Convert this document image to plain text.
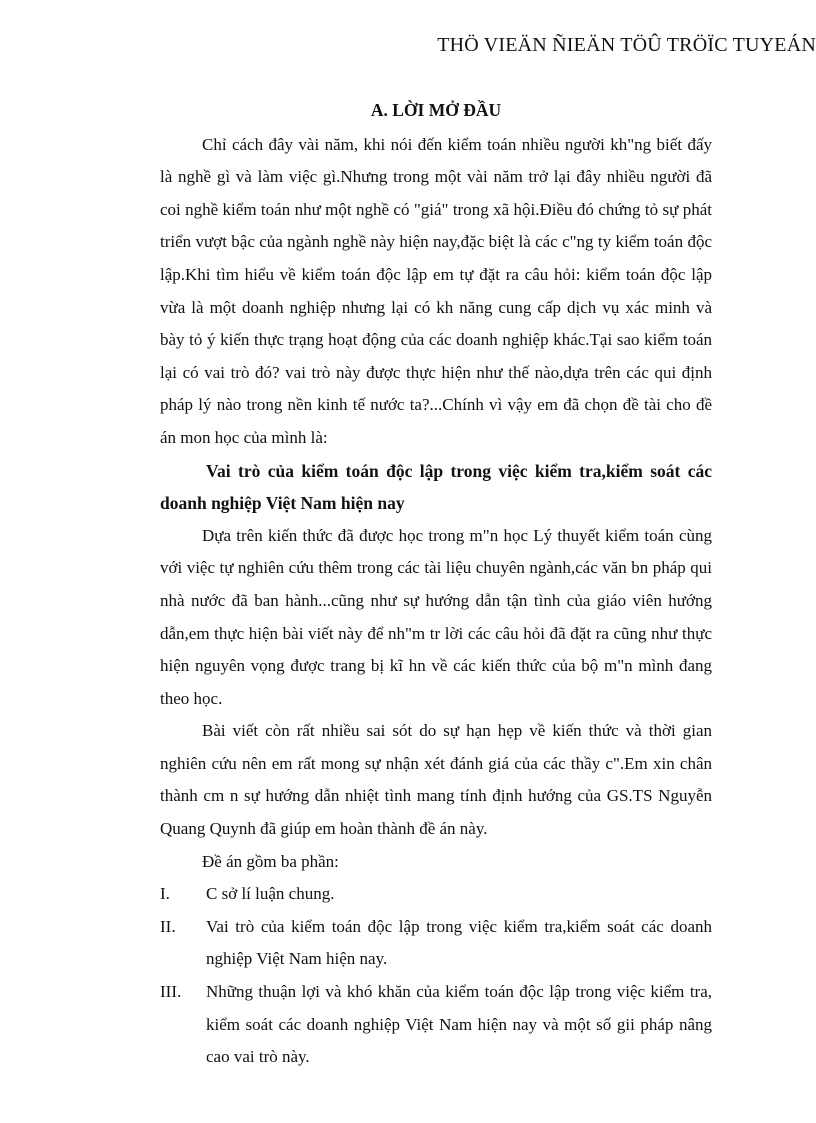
THÖ VIEÄN ÑIEÄN TÖÛ TRÖÏC TUYEÁN

A. LỜI MỞ ĐẦU

Chỉ cách đây vài năm, khi nói đến kiểm toán nhiều người kh"ng biết đấy là nghề gì và làm việc gì.Nhưng trong một vài năm trở lại đây nhiều người đã coi nghề kiểm toán như một nghề có "giá" trong xã hội.Điều đó chứng tỏ sự phát triển vượt bậc của ngành nghề này hiện nay,đặc biệt là các c"ng ty kiểm toán độc lập.Khi tìm hiểu về kiểm toán độc lập em tự đặt ra câu hỏi: kiểm toán độc lập vừa là một doanh nghiệp nhưng lại có kh năng cung cấp dịch vụ xác minh và bày tỏ ý kiến thực trạng hoạt động của các doanh nghiệp khác.Tại sao kiểm toán lại có vai trò đó? vai trò này được thực hiện như thế nào,dựa trên các qui định pháp lý nào trong nền kinh tế nước ta?...Chính vì vậy em đã chọn đề tài cho đề án mon học của mình là:

Vai trò của kiểm toán độc lập trong việc kiểm tra,kiểm soát các doanh nghiệp Việt Nam hiện nay

Dựa trên kiến thức đã được học trong m"n học Lý thuyết kiểm toán cùng với việc tự nghiên cứu thêm trong các tài liệu chuyên ngành,các văn bn pháp qui nhà nước đã ban hành...cũng như sự hướng dẫn tận tình của giáo viên hướng dẫn,em thực hiện bài viết này để nh"m tr lời các câu hỏi đã đặt ra cũng như thực hiện nguyên vọng được trang bị kĩ hn về các kiến thức của bộ m"n mình đang theo học.

Bài viết còn rất nhiều sai sót do sự hạn hẹp về kiến thức và thời gian nghiên cứu nên em rất mong sự nhận xét đánh giá của các thầy c".Em xin chân thành cm n sự hướng dẫn nhiệt tình mang tính định hướng của GS.TS Nguyễn Quang Quynh đã giúp em hoàn thành đề án này.

Đề án gồm ba phần:

I. C sở lí luận chung.
II. Vai trò của kiểm toán độc lập trong việc kiểm tra,kiểm soát các doanh nghiệp Việt Nam hiện nay.
III. Những thuận lợi và khó khăn của kiểm toán độc lập trong việc kiểm tra, kiểm soát các doanh nghiệp Việt Nam hiện nay và một số gii pháp nâng cao vai trò này.
